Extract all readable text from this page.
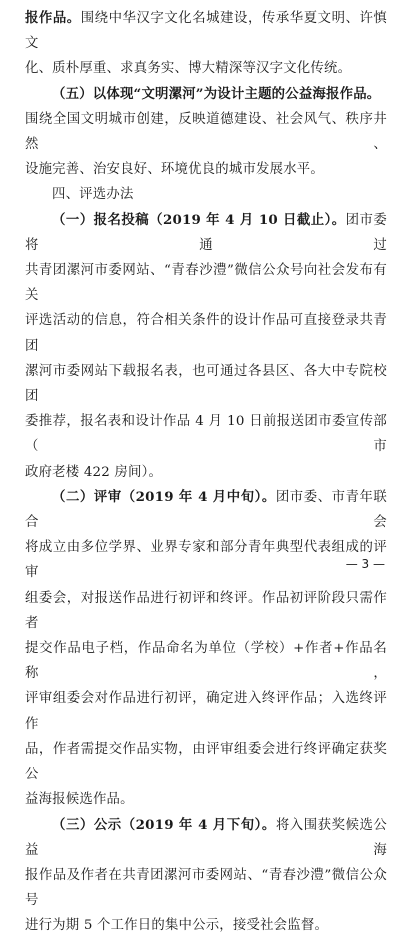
报作品。围绕中华汉字文化名城建设，传承华夏文明、许慎文

化、质朴厚重、求真务实、博大精深等汉字文化传统。

（五）以体现“文明漯河”为设计主题的公益海报作品。

围绕全国文明城市创建，反映道德建设、社会风气、秩序井然、

设施完善、治安良好、环境优良的城市发展水平。

四、评选办法

（一）报名投稿（2019 年 4 月 10 日截止）。团市委将通过

共青团漯河市委网站、“青春沙澧”微信公众号向社会发布有关

评选活动的信息，符合相关条件的设计作品可直接登录共青团

漯河市委网站下载报名表，也可通过各县区、各大中专院校团

委推荐，报名表和设计作品 4 月 10 日前报送团市委宣传部（市

政府老楼 422 房间）。

（二）评审（2019 年 4 月中旬）。团市委、市青年联合会

将成立由多位学界、业界专家和部分青年典型代表组成的评审

组委会，对报送作品进行初评和终评。作品初评阶段只需作者

提交作品电子档，作品命名为单位（学校）+作者+作品名称，

评审组委会对作品进行初评，确定进入终评作品；入选终评作

品，作者需提交作品实物，由评审组委会进行终评确定获奖公

益海报候选作品。

（三）公示（2019 年 4 月下旬）。将入围获奖候选公益海

报作品及作者在共青团漯河市委网站、“青春沙澧”微信公众号

进行为期 5 个工作日的集中公示，接受社会监督。

— 3 —
